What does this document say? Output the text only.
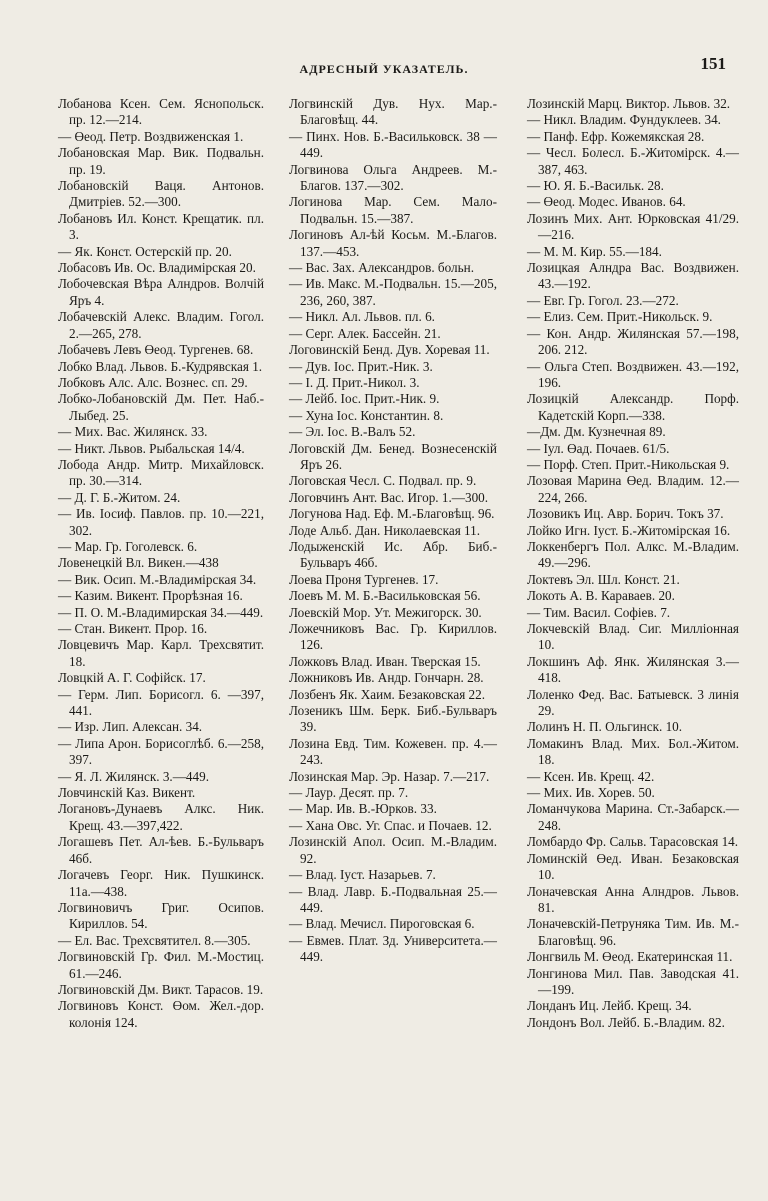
АДРЕСНЫЙ УКАЗАТЕЛЬ.	151

Лобанова Ксен. Сем. Яснопольск. пр. 12.—214.

— Өеод. Петр. Воздвиженская 1.

Лобановская Мар. Вик. Подвальн. пр. 19.

Лобановскій Ваця. Антонов. Дмитріев. 52.—300.

Лобановъ Ил. Конст. Крещатик. пл. 3.

— Як. Конст. Остерскій пр. 20.

Лобасовъ Ив. Ос. Владимірская 20.

Лобочевская Вѣра Алндров. Волчій Яръ 4.

Лобачевскій Алекс. Владим. Гогол. 2.—265, 278.

Лобачевъ Левъ Өеод. Тургенев. 68.

Лобко Влад. Львов. Б.-Кудрявская 1.

Лобковъ Алс. Алс. Вознес. сп. 29.

Лобко-Лобановскій Дм. Пет. Наб.-Лыбед. 25.

— Мих. Вас. Жилянск. 33.

— Никт. Львов. Рыбальская 14/4.

Лобода Андр. Митр. Михайловск. пр. 30.—314.

— Д. Г. Б.-Житом. 24.

— Ив. Іосиф. Павлов. пр. 10.—221, 302.

— Мар. Гр. Гоголевск. 6.

Ловенецкій Вл. Викен.—438

— Вик. Осип. М.-Владимірская 34.

— Казим. Викент. Прорѣзная 16.

— П. О. М.-Владимирская 34.—449.

— Стан. Викент. Прор. 16.

Ловцевичъ Мар. Карл. Трехсвятит. 18.

Ловцкій А. Г. Софійск. 17.

— Герм. Лип. Борисогл. 6. —397, 441.

— Изр. Лип. Алексан. 34.

— Липа Арон. Борисоглѣб. 6.—258, 397.

— Я. Л. Жилянск. 3.—449.

Ловчинскій Каз. Викент.

Логановъ-Дунаевъ Алкс. Ник. Крещ. 43.—397,422.

Логашевъ Пет. Ал-ѣев. Б.-Бульваръ 46б.

Логачевъ Георг. Ник. Пушкинск. 11а.—438.

Логвиновичъ Григ. Осипов. Кириллов. 54.

— Ел. Вас. Трехсвятител. 8.—305.

Логвиновскій Гр. Фил. М.-Мостиц. 61.—246.

Логвиновскій Дм. Викт. Тарасов. 19.

Логвиновъ Конст. Өом. Жел.-дор. колонія 124.

Логвинскій Дув. Нух. Мар.-Благовѣщ. 44.

— Пинх. Нов. Б.-Васильковск. 38 —449.

Логвинова Ольга Андреев. М.-Благов. 137.—302.

Логинова Мар. Сем. Мало-Подвальн. 15.—387.

Логиновъ Ал-ѣй Косьм. М.-Благов. 137.—453.

— Вас. Зах. Александров. больн.

— Ив. Макс. М.-Подвальн. 15.—205, 236, 260, 387.

— Никл. Ал. Львов. пл. 6.

— Серг. Алек. Бассейн. 21.

Логовинскій Бенд. Дув. Хоревая 11.

— Дув. Іос. Прит.-Ник. 3.

— І. Д. Прит.-Никол. 3.

— Лейб. Іос. Прит.-Ник. 9.

— Хуна Іос. Константин. 8.

— Эл. Іос. В.-Валъ 52.

Логовскій Дм. Бенед. Вознесенскій Яръ 26.

Логовская Чесл. С. Подвал. пр. 9.

Логовчинъ Ант. Вас. Игор. 1.—300.

Логунова Над. Еф. М.-Благовѣщ. 96.

Лоде Альб. Дан. Николаевская 11.

Лодыженскій Ис. Абр. Биб.-Бульваръ 46б.

Лоева Проня Тургенев. 17.

Лоевъ М. М. Б.-Васильковская 56.

Лоевскій Мор. Ут. Межигорск. 30.

Ложечниковъ Вас. Гр. Кириллов. 126.

Ложковъ Влад. Иван. Тверская 15.

Ложниковъ Ив. Андр. Гончарн. 28.

Лозбенъ Як. Хаим. Безаковская 22.

Лозеникъ Шм. Берк. Биб.-Бульваръ 39.

Лозина Евд. Тим. Кожевен. пр. 4.—243.

Лозинская Мар. Эр. Назар. 7.—217.

— Лаур. Десят. пр. 7.

— Мар. Ив. В.-Юрков. 33.

— Хана Овс. Уг. Спас. и Почаев. 12.

Лозинскій Апол. Осип. М.-Владим. 92.

— Влад. Іуст. Назарьев. 7.

— Влад. Лавр. Б.-Подвальная 25.—449.

— Влад. Мечисл. Пироговская 6.

— Евмев. Плат. Зд. Университета.—449.

Лозинскій Марц. Виктор. Львов. 32.

— Никл. Владим. Фундуклеев. 34.

— Панф. Ефр. Кожемякская 28.

— Чесл. Болесл. Б.-Житомірск. 4.—387, 463.

— Ю. Я. Б.-Васильк. 28.

— Өеод. Модес. Иванов. 64.

Лозинъ Мих. Ант. Юрковская 41/29.—216.

— М. М. Кир. 55.—184.

Лозицкая Алндра Вас. Воздвижен. 43.—192.

— Евг. Гр. Гогол. 23.—272.

— Елиз. Сем. Прит.-Никольск. 9.

— Кон. Андр. Жилянская 57.—198, 206. 212.

— Ольга Степ. Воздвижен. 43.—192, 196.

Лозицкій Александр. Порф. Кадетскій Корп.—338.

—Дм. Дм. Кузнечная 89.

— Іул. Өад. Почаев. 61/5.

— Порф. Степ. Прит.-Никольская 9.

Лозовая Марина Өед. Владим. 12.—224, 266.

Лозовикъ Иц. Авр. Борич. Токъ 37.

Лойко Игн. Іуст. Б.-Житомірская 16.

Локкенбергъ Пол. Алкс. М.-Владим. 49.—296.

Локтевъ Эл. Шл. Конст. 21.

Локоть А. В. Караваев. 20.

— Тим. Васил. Софіев. 7.

Локчевскій Влад. Сиг. Милліонная 10.

Локшинъ Аф. Янк. Жилянская 3.—418.

Лоленко Фед. Вас. Батыевск. 3 линія 29.

Лолинъ Н. П. Ольгинск. 10.

Ломакинъ Влад. Мих. Бол.-Житом. 18.

— Ксен. Ив. Крещ. 42.

— Мих. Ив. Хорев. 50.

Ломанчукова Марина. Ст.-Забарск.—248.

Ломбардо Фр. Сальв. Тарасовская 14.

Ломинскій Өед. Иван. Безаковская 10.

Лоначевская Анна Алндров. Львов. 81.

Лоначевскій-Петруняка Тим. Ив. М.-Благовѣщ. 96.

Лонгвиль М. Өеод. Екатеринская 11.

Лонгинова Мил. Пав. Заводская 41.—199.

Лонданъ Иц. Лейб. Крещ. 34.

Лондонъ Вол. Лейб. Б.-Владим. 82.
